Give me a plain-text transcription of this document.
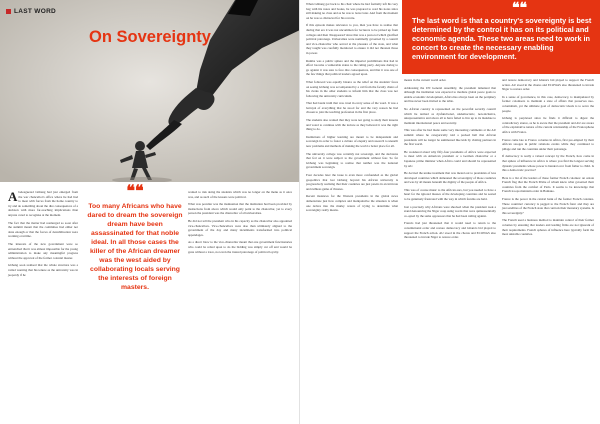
LAST WORD
On Sovereignty

Abeleaguered Gbhang had just emerged from the war chancellor's office where he had had to meet with forces from the home country to try and do something about the dire consequences of a decision with more far-reaching implications than anyone cared to recognise at the moment.

The fact that the matter had reemerged so soon after the summit meant that the committee had either not done enough or that the forces of destabilisation were working overtime.

The interests of the new government were so entrenched that it was almost impossible for the young administration to make any meaningful progress without the approval of the former colonial master.

Gbhang soon realised that the whole structure was a veiled warning that his tenure as the university was in jeopardy if he

❝❝
Too many Africans who have dared to dream the sovereign dream have been assassinated for that noble ideal. In all those cases the killer of the African dreamer was the west aided by collaborating locals serving the interests of foreign masters.

wanted to risk doing the students which was no longer on the menu as it once was, and as such of the lessons were political.

What was peculiar was the insinuation that the institution had been provided by instructions from above which would only point to the chancellor, yet to every person the president was the chancellor of all universities.

He did not tell the president who in his capacity as the chancellor also appointed vice-chancellors. Vice-chancellors were also then ultimately aligned to the government of the day and many incumbents transformed into political appendages.

As a direct blow to the vice-chancellor meant that one government functionaries who could be relied upon to do the bidding was simply cut off and would be gone without a trace, not even the trusted patronage of political loyalty.

When Gbhang got back to his chair where he had formally left his very bag with his notes and books, he was prepared to read his notes since still making no class and as he was to leave later. And from the moment on he was so distracted for his reverie.

If this episode makes relevance to you, then you have to realise that during that era it was not uncommon for lecturers to be picked up from colleges and then 'disappeared' since that was a protocol which glorified political patronage. Universities were nominally governed by a council and vice-chancellor who served at the pleasure of the state, and what they taught was carefully monitored to ensure it did not threaten those in power.

Rumba was a public sphere and the imperial prohibitions that had in effect become a vulnerable status to the ruling party. Anyone daring to go against it was sure to face dire consequences, and that it was one of the few things that political leaders agreed upon.

What followed was equally bizarre as the relief on the students' faces on seeing Gbhang was accompanied by a call from the faculty chairs of his clerks in the other students to inform him that the class was not following the university curriculum.

That had latent truth that was cruel in every sense of the word. It was a betrayal of everything that he stood for and the very reason he had chosen to join the teaching profession in the first place.

The students also wanted that they were not going to study their lessons and voted to continue with the lecture as they believed it was the right thing to do.

Institutions of higher learning are meant to be independent and sovereign in order to foster a culture of enquiry and research to unearth new problems and methods of making the world a better place for all.

The university college was certainly not sovereign, and the decisions that fed on it were subject to the government without fear. So far Gbhang was beginning to realise that neither was the national government sovereign.

Four decades later the issue is even more confounded as the global geopolitics that lost Gbhang beyond his African university is progressively realising that their countries are just pawns in an intricate and ruthless game of thrones.

Recent instances for the Western presidents in the global news demonstrate just how complex and manipulative the situation is when one delves into the murky waters of trying to determine what sovereignty really means.

❝❝
The last word is that a country's sovereignty is best determined by the control it has on its political and economic agenda. These two areas need to work in concert to create the necessary enabling environment for development.

means in the current world order.

Addressing the UN General Assembly, the president lamented that although the institution was expected to mediate global peace goals to enable economic development, Africa has always been on the periphery and has never been invited to the table.

No African country is represented on the powerful security council which he termed as dysfunctional, undemocratic, non-inclusive, unrepresentative and above all to have failed to live up to its mandate to maintain international peace and security.

This was after he had made some very interesting comments at the AU summit where he categorically told a packed hall that African presidents will no longer be summoned like kids by visiting partners in the first world.

He wondered aloud why fifty-four presidents of Africa were expected to meet with an American president or a German chancellor or a Japanese prime minister when Africa could and should be represented by AU.

He decried the undue treatment that was meted out to presidents of less developed countries which demeaned the sovereignty of those countries and was by all means beneath the dignity of the people of Africa.

This was of course music to the African ears, but you needed to have a heart for the ignored masses of the developing countries and be seated to be genuinely frustrated with the way in which forums are held.

Just a precisely why Africans were shocked when the president took a stand denouncing the Niger coup using words that were quintessentially co-opted by the same oppressors that he had been railing against.

Francis had just threatened that it would need to return to the constitutional order and restore democracy and Ghana's bid played to support the French action. AU stood in the chorus and ECOWAS also threatened to invade Niger to restore order.

and restore democracy and Ghana's bid played to support the French action. AU stood in the chorus and ECOWAS also threatened to invade Niger to restore order.

In a sense of governance, in this case, democracy, is manipulated by former colonisers to maintain a state of affairs that preserves neo-colonialism, yet the ultimate goal of democratic ideals is to serve the people.

Gbhang is perplexed since he finds it difficult to digest the contradictory stance, as he is aware that the president and AU are aware of the exploitative nature of the current relationship of the Francophone Africa with France.

France came late to Franco colonies in Africa, first pre-empted by their African stooges in public relations events while they continued to pillage and run the countries under their patronage.

If democracy is really a valued concept by the French, how come in that sphere of influence in Africa is where you find the longest serving dynastic presidents whose power is handed over from father to child. Is this a democratic practice?

Here is a list of the leaders of these former French colonies: an ornate French flag that the French Prime of whom knew what governed their countries from the comfort of Paris. It seems to be knowledge that French troops maintain order in Bamako.

France is the power in the central bank of the former French colonies. These countries' currency is pegged to the French franc and they are just satellites of the French state that controls their monetary systems. Is this sovereignty?

The French used a business method to maintain control of their former colonies by ensuring that leaders and leading firms are not ignorant of their requirements. French spheres of influence here typically form the most unstable countries.
